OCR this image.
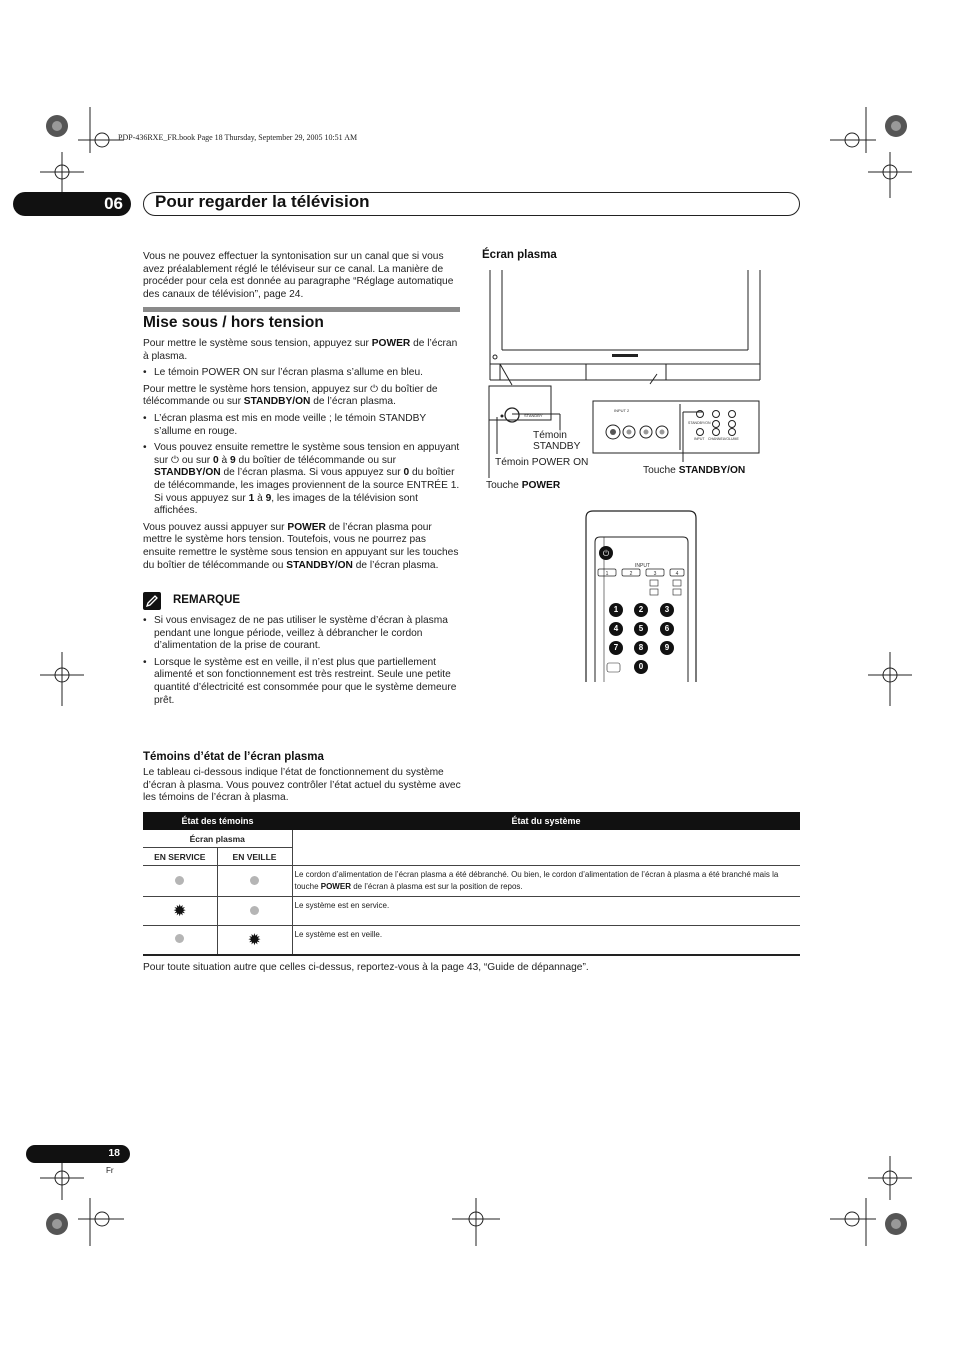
PDP-436RXE_FR.book Page 18 Thursday, September 29, 2005 10:51 AM
06 Pour regarder la télévision
Vous ne pouvez effectuer la syntonisation sur un canal que si vous avez préalablement réglé le téléviseur sur ce canal. La manière de procéder pour cela est donnée au paragraphe “Réglage automatique des canaux de télévision”, page 24.
Mise sous / hors tension

Pour mettre le système sous tension, appuyez sur POWER de l’écran à plasma.

• Le témoin POWER ON sur l’écran plasma s’allume en bleu.

Pour mettre le système hors tension, appuyez sur ⏻ du boîtier de télécommande ou sur STANDBY/ON de l’écran plasma.

• L’écran plasma est mis en mode veille ; le témoin STANDBY s’allume en rouge.
• Vous pouvez ensuite remettre le système sous tension en appuyant sur ⏻ ou sur 0 à 9 du boîtier de télécommande ou sur STANDBY/ON de l’écran plasma. Si vous appuyez sur 0 du boîtier de télécommande, les images proviennent de la source ENTRÉE 1. Si vous appuyez sur 1 à 9, les images de la télévision sont affichées.

Vous pouvez aussi appuyer sur POWER de l’écran plasma pour mettre le système hors tension. Toutefois, vous ne pourrez pas ensuite remettre le système sous tension en appuyant sur les touches du boîtier de télécommande ou STANDBY/ON de l’écran plasma.

REMARQUE
• Si vous envisagez de ne pas utiliser le système d’écran à plasma pendant une longue période, veillez à débrancher le cordon d’alimentation de la prise de courant.
• Lorsque le système est en veille, il n’est plus que partiellement alimenté et son fonctionnement est très restreint. Seule une petite quantité d’électricité est consommée pour que le système demeure prêt.
Écran plasma
STANDBY
INPUT 2
STANDBY/ON
INPUT CHANNEL VOLUME
Témoin
STANDBY
Témoin POWER ON
Touche POWER
Touche STANDBY/ON
⏻
INPUT
1	2	3	4
1	2	3
4	5	6
7	8	9
0
Témoins d’état de l’écran plasma
Le tableau ci-dessous indique l’état de fonctionnement du système d’écran à plasma. Vous pouvez contrôler l’état actuel du système avec les témoins de l’écran à plasma.
État des témoins		État du système
Écran plasma		
EN SERVICE	EN VEILLE	
		Le cordon d’alimentation de l’écran plasma a été débranché. Ou bien, le cordon d’alimentation de l’écran à plasma a été branché mais la touche POWER de l’écran à plasma est sur la position de repos.
✹		Le système est en service.
	✹	Le système est en veille.
Pour toute situation autre que celles ci-dessus, reportez-vous à la page 43, “Guide de dépannage”.
18
Fr
